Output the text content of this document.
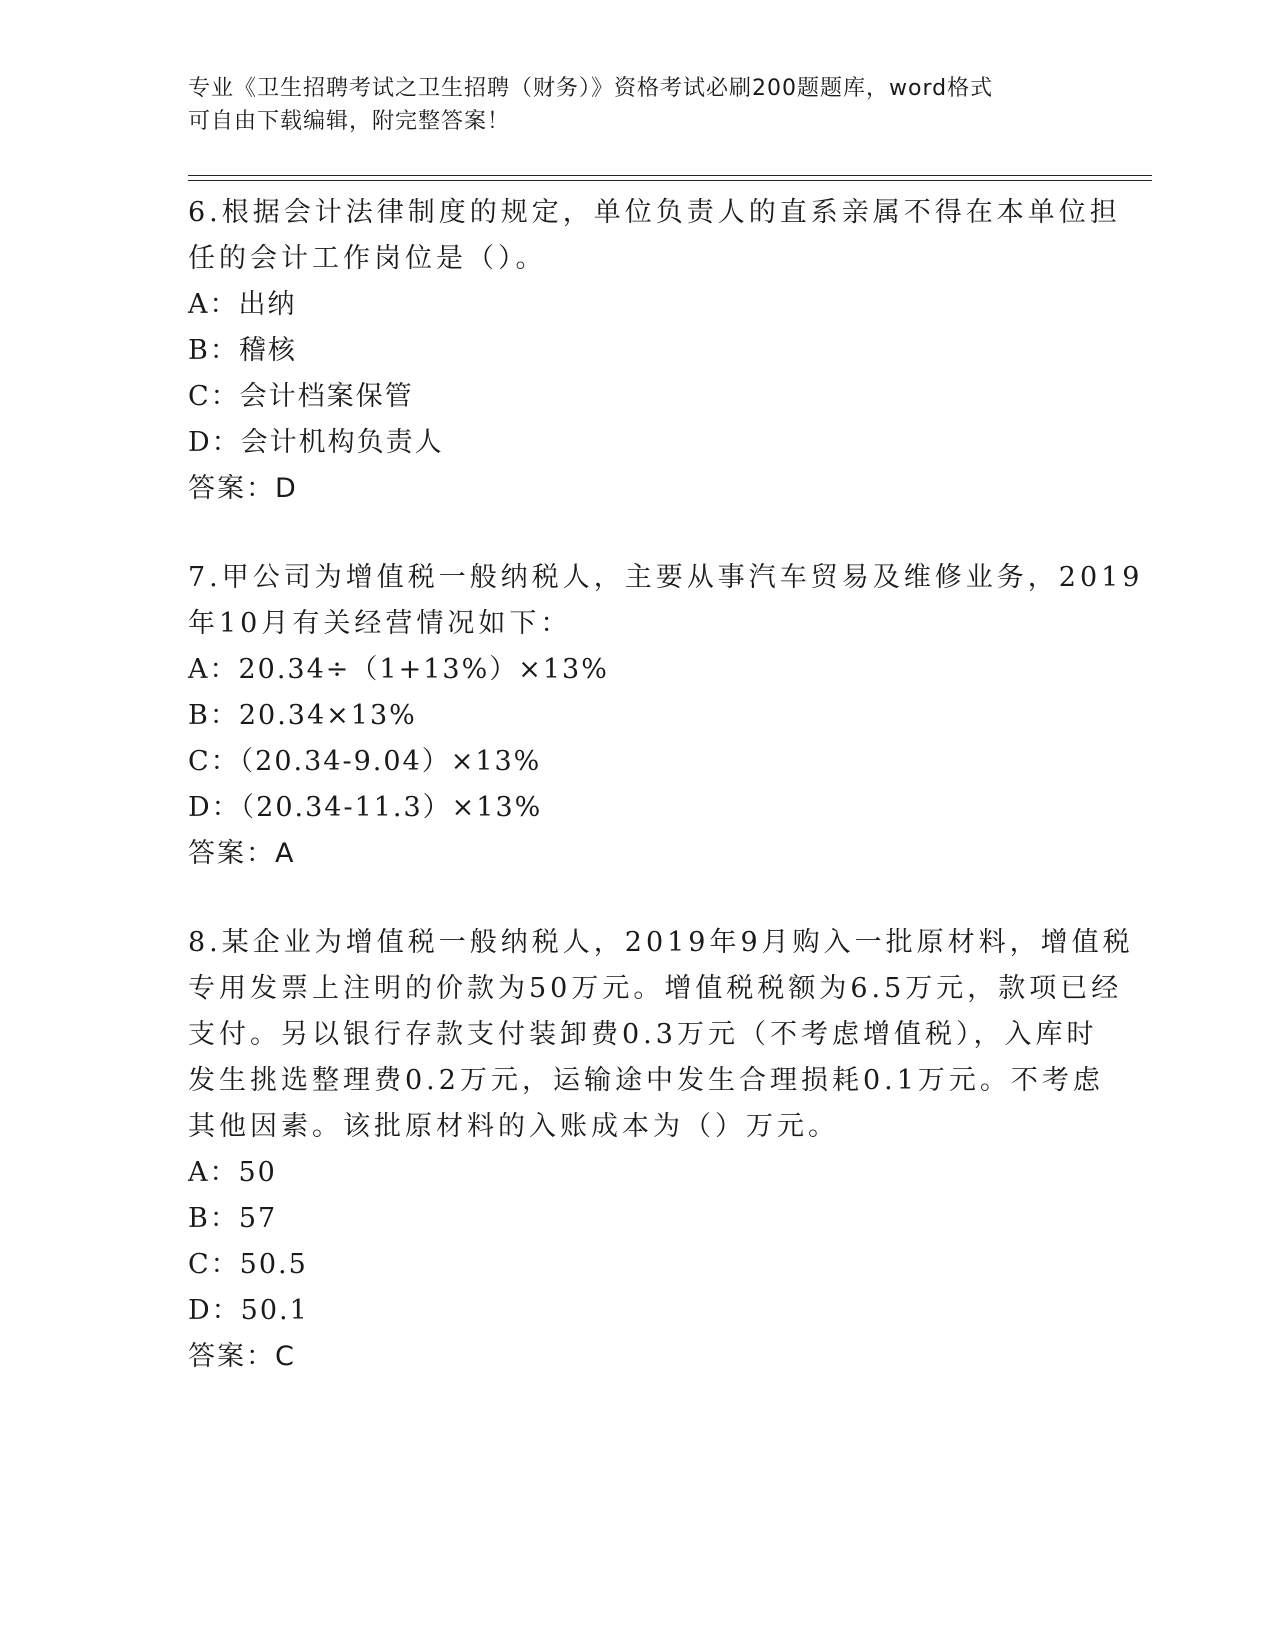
专业《卫生招聘考试之卫生招聘（财务）》资格考试必刷200题题库，word格式
可自由下载编辑，附完整答案！
6.根据会计法律制度的规定，单位负责人的直系亲属不得在本单位担
任的会计工作岗位是（）。
A：出纳
B：稽核
C：会计档案保管
D：会计机构负责人
答案：D
7.甲公司为增值税一般纳税人，主要从事汽车贸易及维修业务，2019
年10月有关经营情况如下：
A：20.34÷（1+13%）×13%
B：20.34×13%
C：（20.34-9.04）×13%
D：（20.34-11.3）×13%
答案：A
8.某企业为增值税一般纳税人，2019年9月购入一批原材料，增值税
专用发票上注明的价款为50万元。增值税税额为6.5万元，款项已经
支付。另以银行存款支付装卸费0.3万元（不考虑增值税），入库时
发生挑选整理费0.2万元，运输途中发生合理损耗0.1万元。不考虑
其他因素。该批原材料的入账成本为（）万元。
A：50
B：57
C：50.5
D：50.1
答案：C
